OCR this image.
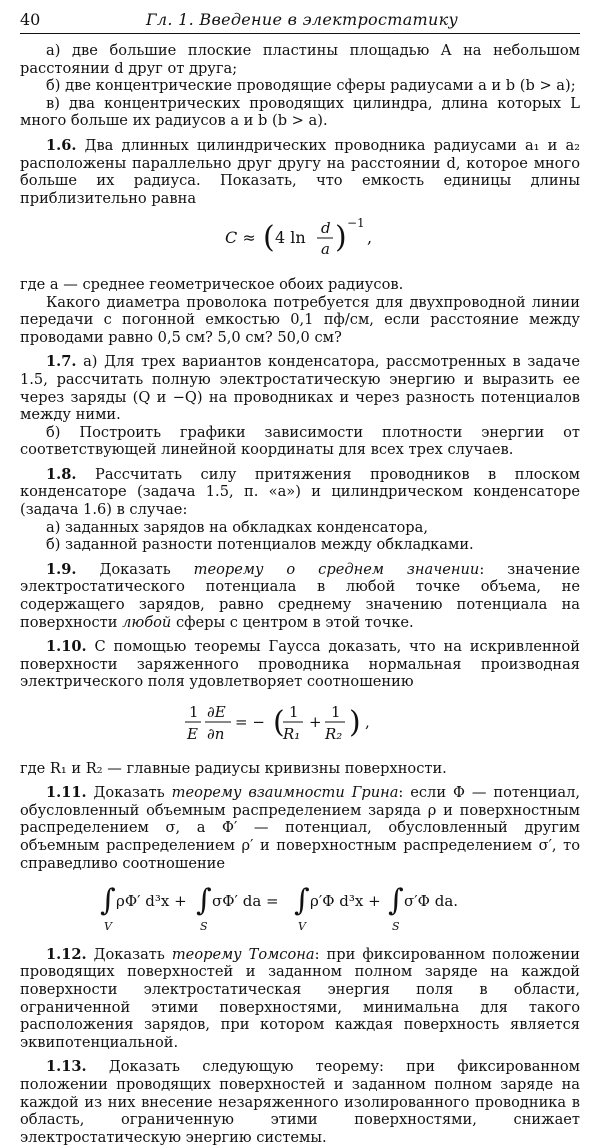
40	Гл. 1. Введение в электростатику

а) две большие плоские пластины площадью A на небольшом расстоянии d друг от друга;

б) две концентрические проводящие сферы радиусами a и b (b > a);

в) два концентрических проводящих цилиндра, длина которых L много больше их радиусов a и b (b > a).

1.6. Два длинных цилиндрических проводника радиусами a₁ и a₂ расположены параллельно друг другу на расстоянии d, которое много больше их радиуса. Показать, что емкость единицы длины приблизительно равна

C ≈ ( 4 ln d
a ) −1
,

где a — среднее геометрическое обоих радиусов.

Какого диаметра проволока потребуется для двухпроводной линии передачи с погонной емкостью 0,1 пф/см, если расстояние между проводами равно 0,5 см? 5,0 см? 50,0 см?

1.7. а) Для трех вариантов конденсатора, рассмотренных в задаче 1.5, рассчитать полную электростатическую энергию и выразить ее через заряды (Q и −Q) на проводниках и через разность потенциалов между ними.

б) Построить графики зависимости плотности энергии от соответствующей линейной координаты для всех трех случаев.

1.8. Рассчитать силу притяжения проводников в плоском конденсаторе (задача 1.5, п. «а») и цилиндрическом конденсаторе (задача 1.6) в случае:

а) заданных зарядов на обкладках конденсатора,

б) заданной разности потенциалов между обкладками.

1.9. Доказать теорему о среднем значении: значение электростатического потенциала в любой точке объема, не содержащего зарядов, равно среднему значению потенциала на поверхности любой сферы с центром в этой точке.

1.10. С помощью теоремы Гаусса доказать, что на искривленной поверхности заряженного проводника нормальная производная электрического поля удовлетворяет соотношению

1
E
∂E
∂n
= − ( 1
R₁
+
1
R₂ ) ,

где R₁ и R₂ — главные радиусы кривизны поверхности.

1.11. Доказать теорему взаимности Грина: если Φ — потенциал, обусловленный объемным распределением заряда ρ и поверхностным распределением σ, а Φ′ — потенциал, обусловленный другим объемным распределением ρ′ и поверхностным распределением σ′, то справедливо соотношение

∫
V
ρΦ′ d³x + ∫
S
σΦ′ da = ∫
V
ρ′Φ d³x + ∫
S
σ′Φ da.

1.12. Доказать теорему Томсона: при фиксированном положении проводящих поверхностей и заданном полном заряде на каждой поверхности электростатическая энергия поля в области, ограниченной этими поверхностями, минимальна для такого расположения зарядов, при котором каждая поверхность является эквипотенциальной.

1.13. Доказать следующую теорему: при фиксированном положении проводящих поверхностей и заданном полном заряде на каждой из них внесение незаряженного изолированного проводника в область, ограниченную этими поверхностями, снижает электростатическую энергию системы.
